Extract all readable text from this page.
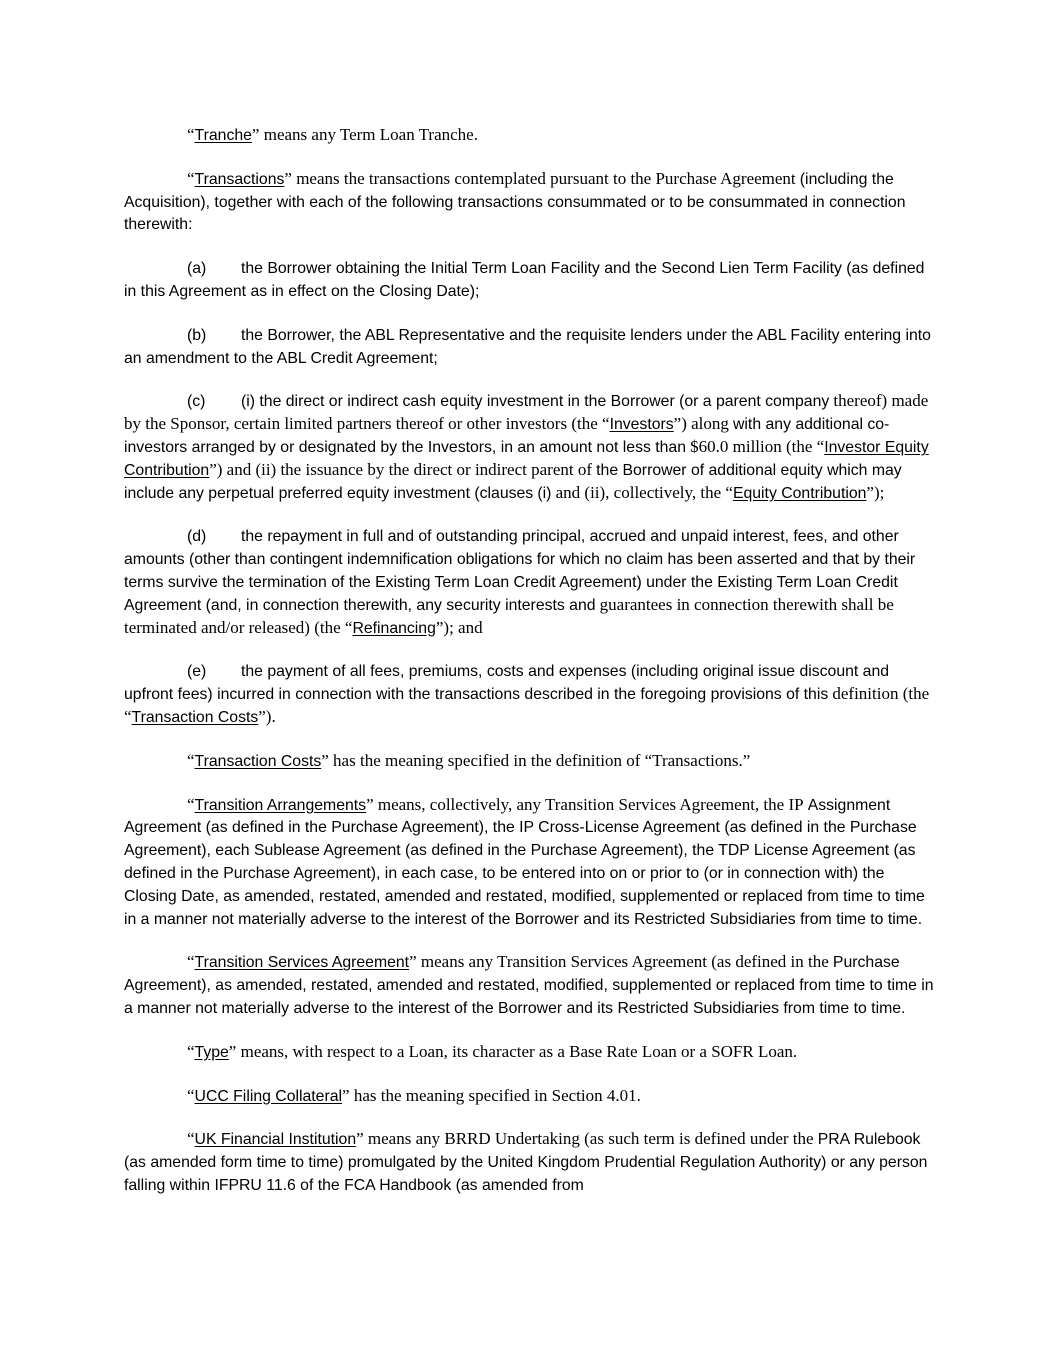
“Tranche” means any Term Loan Tranche.

“Transactions” means the transactions contemplated pursuant to the Purchase Agreement (including the Acquisition), together with each of the following transactions consummated or to be consummated in connection therewith:

(a) the Borrower obtaining the Initial Term Loan Facility and the Second Lien Term Facility (as defined in this Agreement as in effect on the Closing Date);

(b) the Borrower, the ABL Representative and the requisite lenders under the ABL Facility entering into an amendment to the ABL Credit Agreement;

(c) (i) the direct or indirect cash equity investment in the Borrower (or a parent company thereof) made by the Sponsor, certain limited partners thereof or other investors (the “Investors”) along with any additional co-investors arranged by or designated by the Investors, in an amount not less than $60.0 million (the “Investor Equity Contribution”) and (ii) the issuance by the direct or indirect parent of the Borrower of additional equity which may include any perpetual preferred equity investment (clauses (i) and (ii), collectively, the “Equity Contribution”);

(d) the repayment in full and of outstanding principal, accrued and unpaid interest, fees, and other amounts (other than contingent indemnification obligations for which no claim has been asserted and that by their terms survive the termination of the Existing Term Loan Credit Agreement) under the Existing Term Loan Credit Agreement (and, in connection therewith, any security interests and guarantees in connection therewith shall be terminated and/or released) (the “Refinancing”); and

(e) the payment of all fees, premiums, costs and expenses (including original issue discount and upfront fees) incurred in connection with the transactions described in the foregoing provisions of this definition (the “Transaction Costs”).

“Transaction Costs” has the meaning specified in the definition of “Transactions.”

“Transition Arrangements” means, collectively, any Transition Services Agreement, the IP Assignment Agreement (as defined in the Purchase Agreement), the IP Cross-License Agreement (as defined in the Purchase Agreement), each Sublease Agreement (as defined in the Purchase Agreement), the TDP License Agreement (as defined in the Purchase Agreement), in each case, to be entered into on or prior to (or in connection with) the Closing Date, as amended, restated, amended and restated, modified, supplemented or replaced from time to time in a manner not materially adverse to the interest of the Borrower and its Restricted Subsidiaries from time to time.

“Transition Services Agreement” means any Transition Services Agreement (as defined in the Purchase Agreement), as amended, restated, amended and restated, modified, supplemented or replaced from time to time in a manner not materially adverse to the interest of the Borrower and its Restricted Subsidiaries from time to time.

“Type” means, with respect to a Loan, its character as a Base Rate Loan or a SOFR Loan.

“UCC Filing Collateral” has the meaning specified in Section 4.01.

“UK Financial Institution” means any BRRD Undertaking (as such term is defined under the PRA Rulebook (as amended form time to time) promulgated by the United Kingdom Prudential Regulation Authority) or any person falling within IFPRU 11.6 of the FCA Handbook (as amended from
